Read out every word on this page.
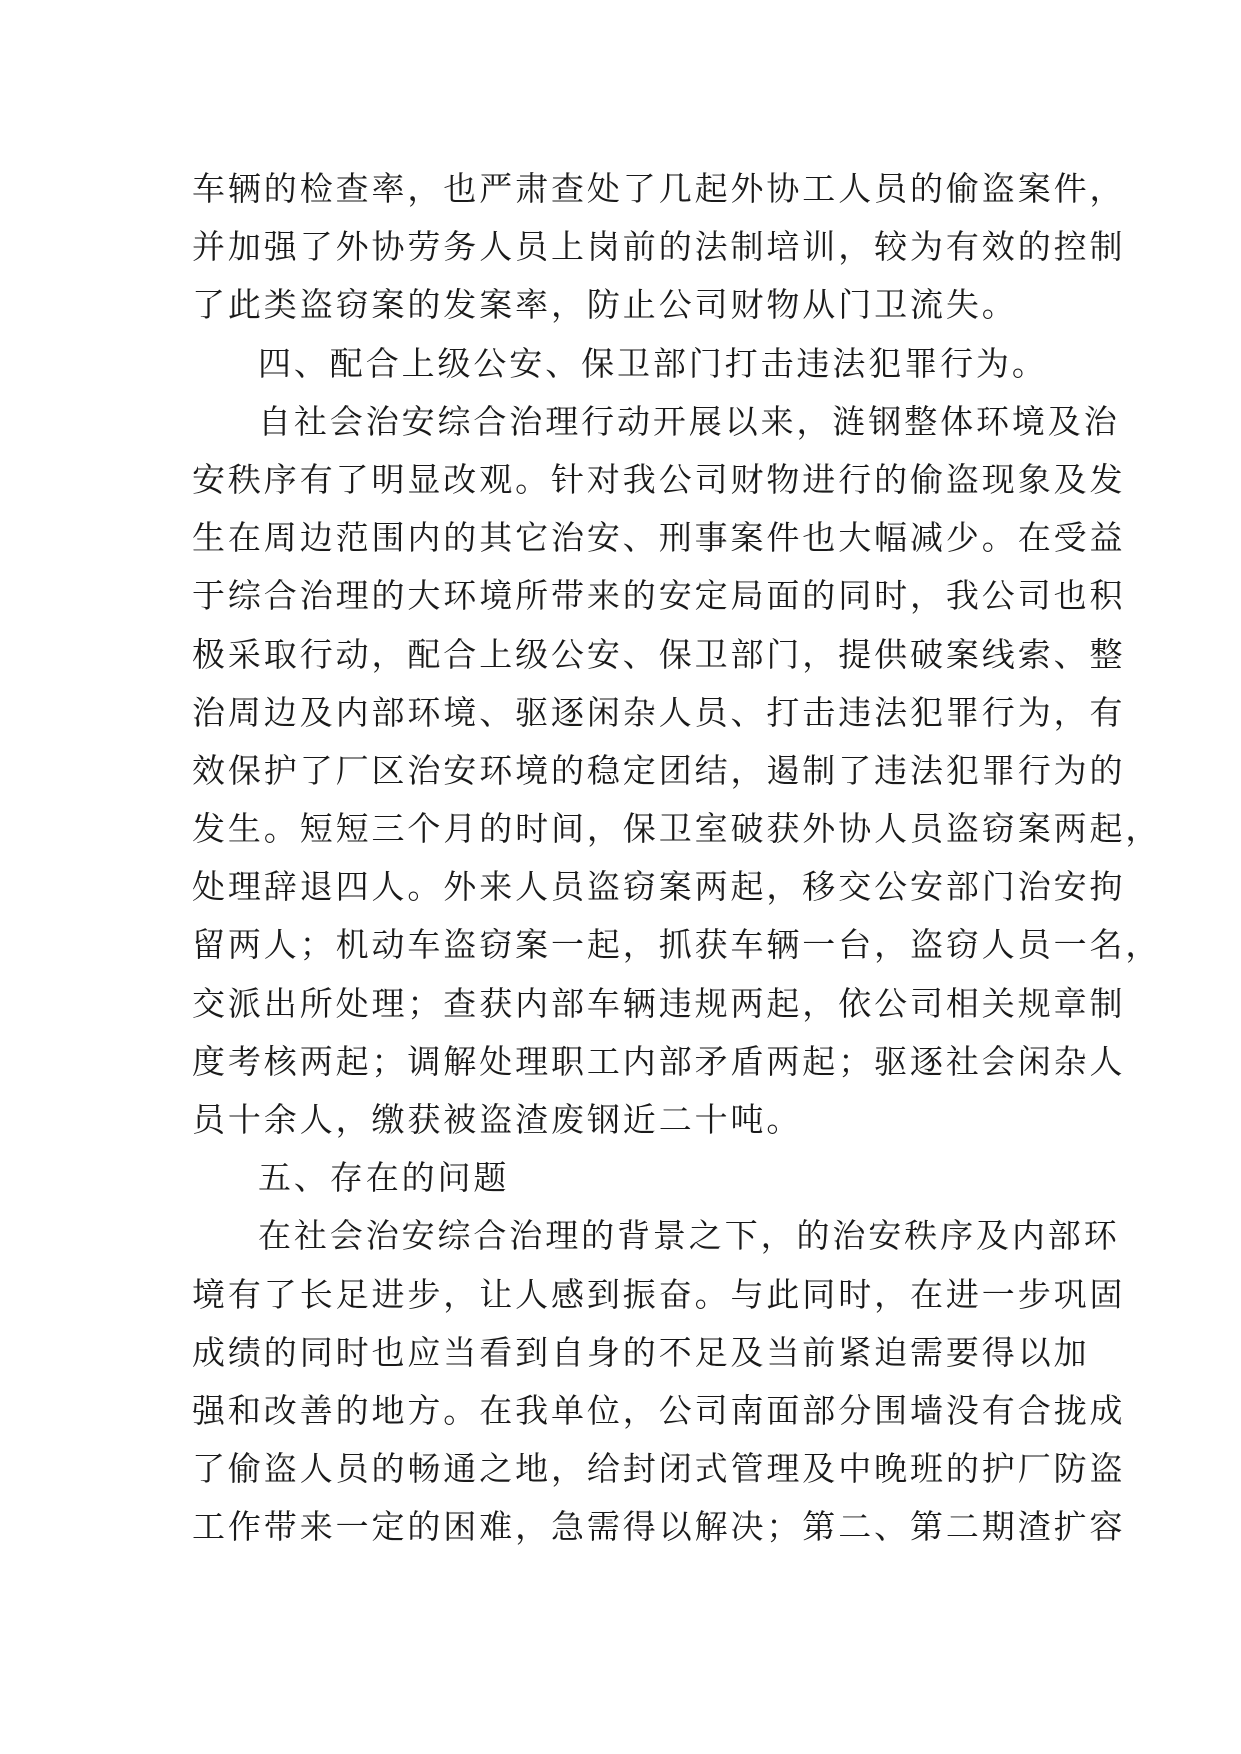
车辆的检查率，也严肃查处了几起外协工人员的偷盗案件，
并加强了外协劳务人员上岗前的法制培训，较为有效的控制
了此类盗窃案的发案率，防止公司财物从门卫流失。
四、配合上级公安、保卫部门打击违法犯罪行为。
自社会治安综合治理行动开展以来，涟钢整体环境及治
安秩序有了明显改观。针对我公司财物进行的偷盗现象及发
生在周边范围内的其它治安、刑事案件也大幅减少。在受益
于综合治理的大环境所带来的安定局面的同时，我公司也积
极采取行动，配合上级公安、保卫部门，提供破案线索、整
治周边及内部环境、驱逐闲杂人员、打击违法犯罪行为，有
效保护了厂区治安环境的稳定团结，遏制了违法犯罪行为的
发生。短短三个月的时间，保卫室破获外协人员盗窃案两起，
处理辞退四人。外来人员盗窃案两起，移交公安部门治安拘
留两人；机动车盗窃案一起，抓获车辆一台，盗窃人员一名，
交派出所处理；查获内部车辆违规两起，依公司相关规章制
度考核两起；调解处理职工内部矛盾两起；驱逐社会闲杂人
员十余人，缴获被盗渣废钢近二十吨。
五、存在的问题
在社会治安综合治理的背景之下，的治安秩序及内部环
境有了长足进步，让人感到振奋。与此同时，在进一步巩固
成绩的同时也应当看到自身的不足及当前紧迫需要得以加
强和改善的地方。在我单位，公司南面部分围墙没有合拢成
了偷盗人员的畅通之地，给封闭式管理及中晚班的护厂防盗
工作带来一定的困难，急需得以解决；第二、第二期渣扩容
